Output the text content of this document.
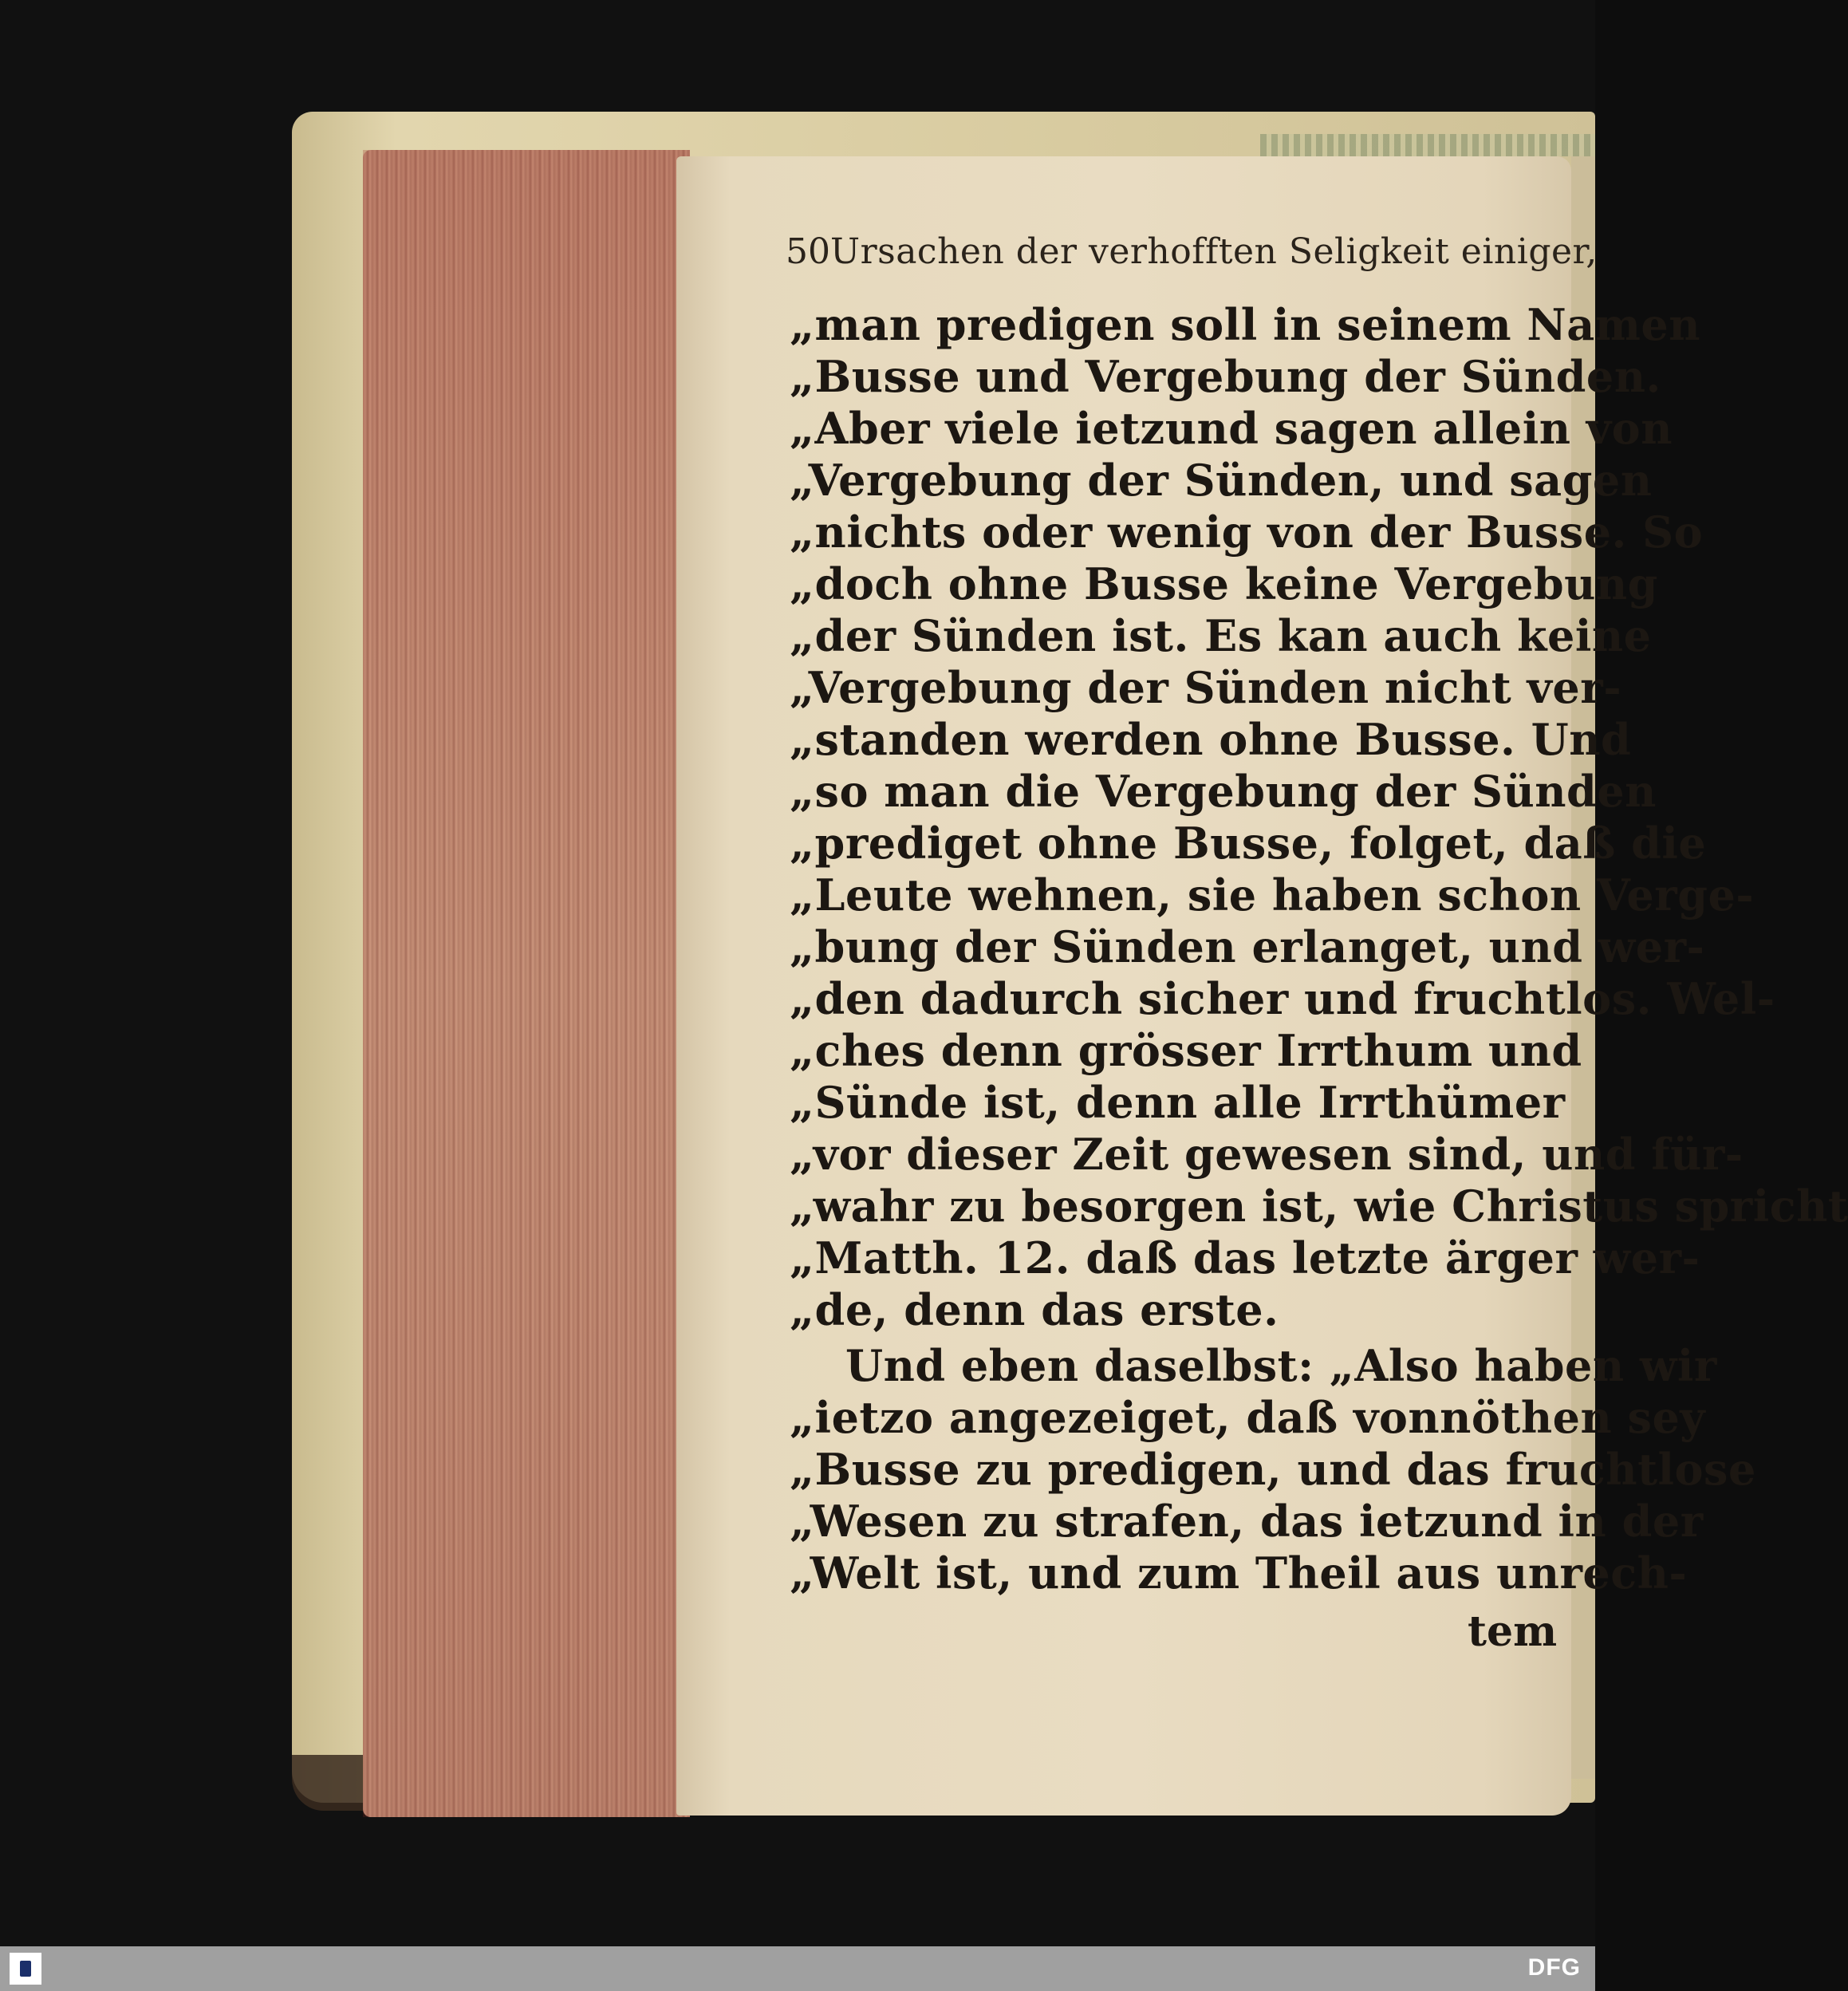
50 Ursachen der verhofften Seligkeit einiger,
„man predigen soll in seinem Namen
„Busse und Vergebung der Sünden.
„Aber viele ietzund sagen allein von
„Vergebung der Sünden, und sagen
„nichts oder wenig von der Busse. So
„doch ohne Busse keine Vergebung
„der Sünden ist. Es kan auch keine
„Vergebung der Sünden nicht ver-
„standen werden ohne Busse. Und
„so man die Vergebung der Sünden
„prediget ohne Busse, folget, daß die
„Leute wehnen, sie haben schon Verge-
„bung der Sünden erlanget, und wer-
„den dadurch sicher und fruchtlos. Wel-
„ches denn grösser Irrthum und
„Sünde ist, denn alle Irrthümer
„vor dieser Zeit gewesen sind, und für-
„wahr zu besorgen ist, wie Christus spricht
„Matth. 12. daß das letzte ärger wer-
„de, denn das erste.
Und eben daselbst: „Also haben wir
„ietzo angezeiget, daß vonnöthen sey
„Busse zu predigen, und das fruchtlose
„Wesen zu strafen, das ietzund in der
„Welt ist, und zum Theil aus unrech-
tem
DFG
